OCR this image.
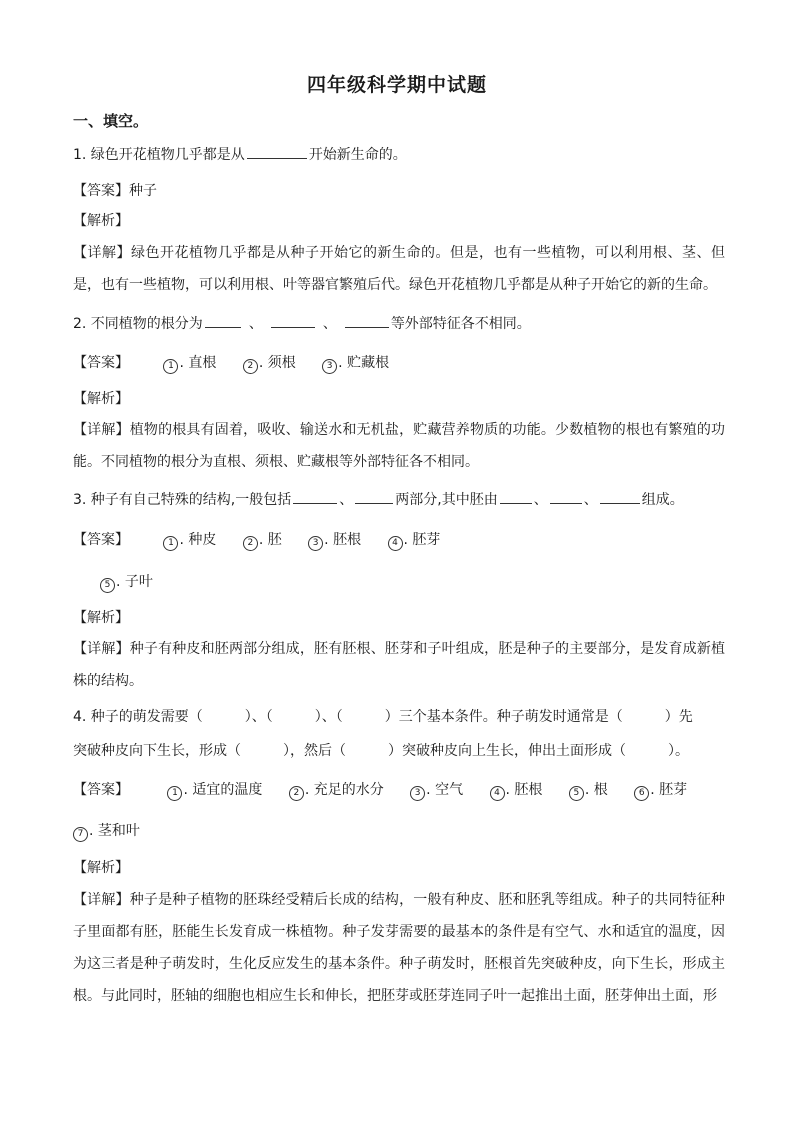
四年级科学期中试题
一、填空。
1. 绿色开花植物几乎都是从	开始新生命的。
【答案】种子
【解析】
【详解】绿色开花植物几乎都是从种子开始它的新生命的。但是，也有一些植物，可以利用根、茎、但是，也有一些植物，可以利用根、叶等器官繁殖后代。绿色开花植物几乎都是从种子开始它的新的生命。
2. 不同植物的根分为	、	、	等外部特征各不相同。
【答案】	1 . 直根	2 . 须根	3 . 贮藏根
【解析】
【详解】植物的根具有固着，吸收、输送水和无机盐，贮藏营养物质的功能。少数植物的根也有繁殖的功能。不同植物的根分为直根、须根、贮藏根等外部特征各不相同。
3. 种子有自己特殊的结构,一般包括	、	两部分,其中胚由	、	、	组成。
【答案】	1 . 种皮	2 . 胚	3 . 胚根	4 . 胚芽
5 . 子叶
【解析】
【详解】种子有种皮和胚两部分组成，胚有胚根、胚芽和子叶组成，胚是种子的主要部分，是发育成新植株的结构。
4. 种子的萌发需要（　　　）、（　　　）、（　　　）三个基本条件。种子萌发时通常是（　　　）先
突破种皮向下生长，形成（　　　），然后（　　　）突破种皮向上生长，伸出土面形成（　　　）。
【答案】	1 . 适宜的温度	2 . 充足的水分	3 . 空气	4 . 胚根	5 . 根	6 . 胚芽
7 . 茎和叶
【解析】
【详解】种子是种子植物的胚珠经受精后长成的结构，一般有种皮、胚和胚乳等组成。种子的共同特征种子里面都有胚，胚能生长发育成一株植物。种子发芽需要的最基本的条件是有空气、水和适宜的温度，因为这三者是种子萌发时，生化反应发生的基本条件。种子萌发时，胚根首先突破种皮，向下生长，形成主根。与此同时，胚轴的细胞也相应生长和伸长，把胚芽或胚芽连同子叶一起推出土面，胚芽伸出土面，形
